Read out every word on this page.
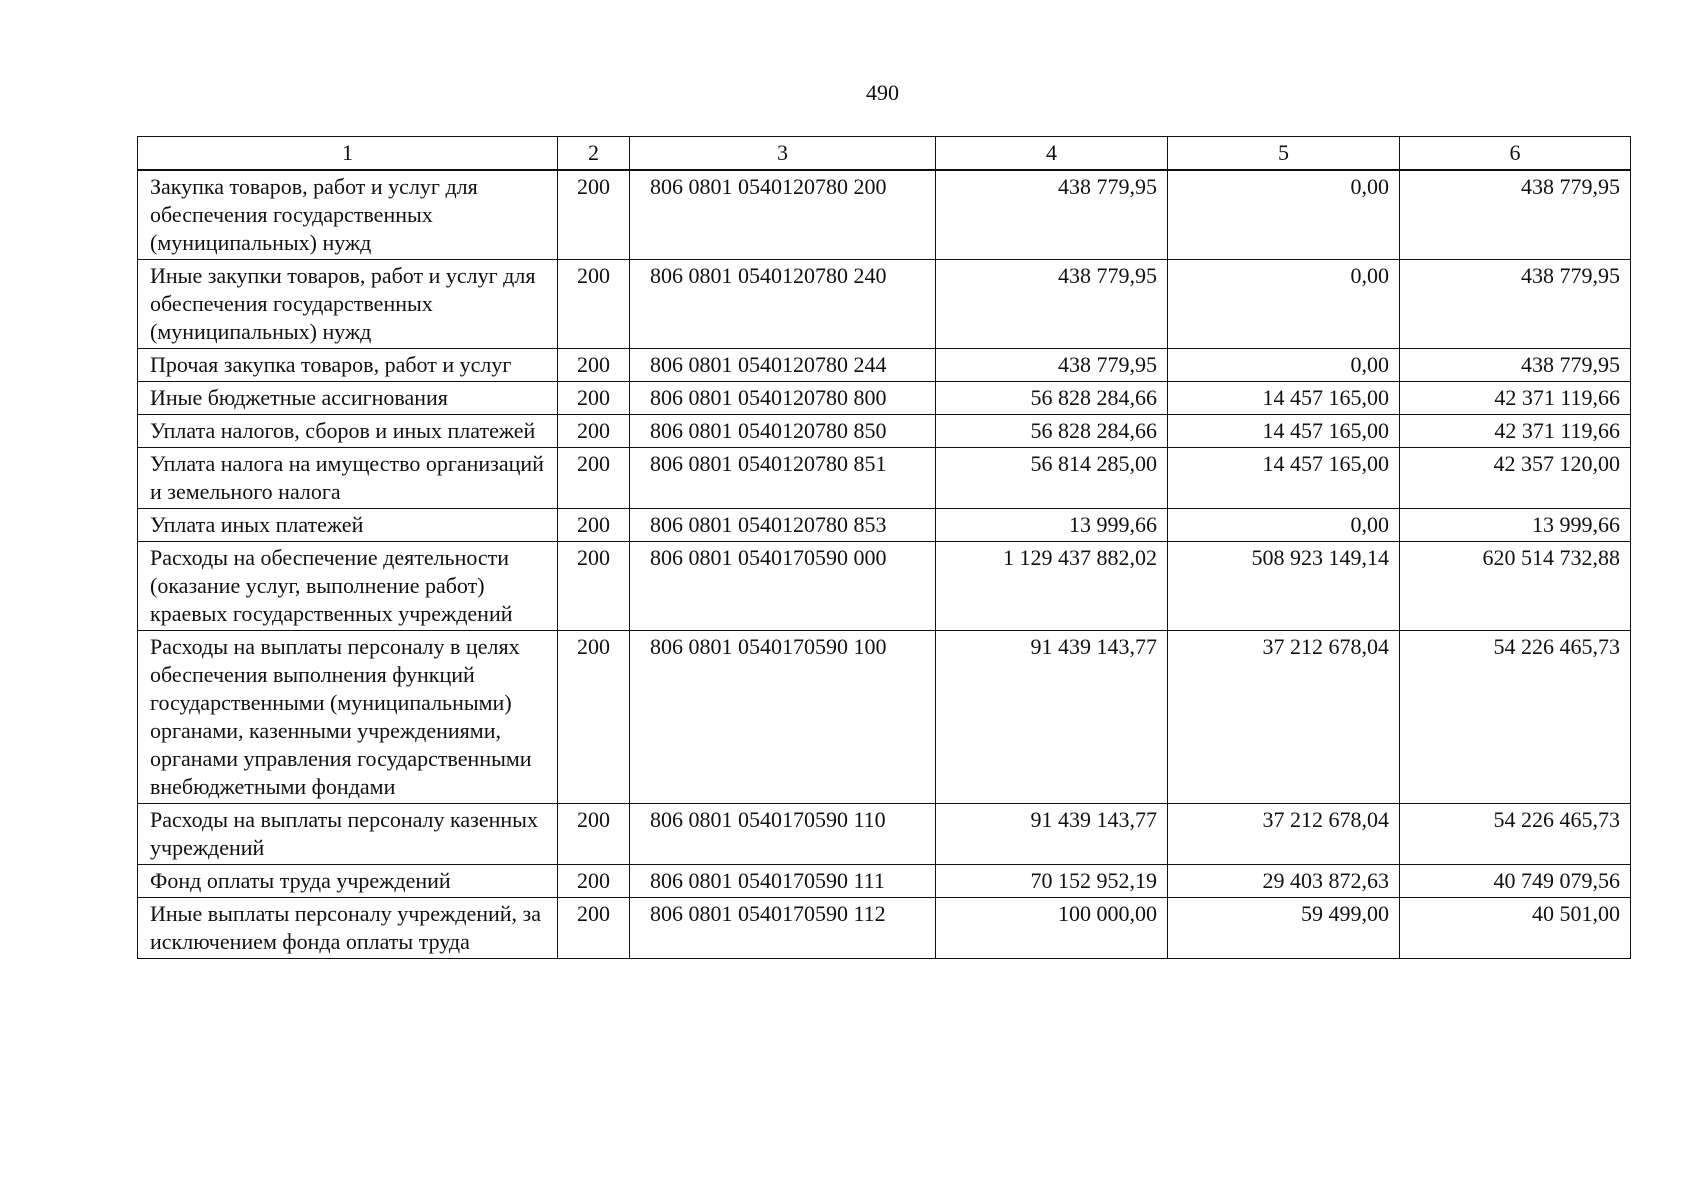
490
1	2	3	4	5	6
Закупка товаров, работ и услуг для обеспечения государственных (муниципальных) нужд	200	806 0801 0540120780 200	438 779,95	0,00	438 779,95
Иные закупки товаров, работ и услуг для обеспечения государственных (муниципальных) нужд	200	806 0801 0540120780 240	438 779,95	0,00	438 779,95
Прочая закупка товаров, работ и услуг	200	806 0801 0540120780 244	438 779,95	0,00	438 779,95
Иные бюджетные ассигнования	200	806 0801 0540120780 800	56 828 284,66	14 457 165,00	42 371 119,66
Уплата налогов, сборов и иных платежей	200	806 0801 0540120780 850	56 828 284,66	14 457 165,00	42 371 119,66
Уплата налога на имущество организаций и земельного налога	200	806 0801 0540120780 851	56 814 285,00	14 457 165,00	42 357 120,00
Уплата иных платежей	200	806 0801 0540120780 853	13 999,66	0,00	13 999,66
Расходы на обеспечение деятельности (оказание услуг, выполнение работ) краевых государственных учреждений	200	806 0801 0540170590 000	1 129 437 882,02	508 923 149,14	620 514 732,88
Расходы на выплаты персоналу в целях обеспечения выполнения функций государственными (муниципальными) органами, казенными учреждениями, органами управления государственными внебюджетными фондами	200	806 0801 0540170590 100	91 439 143,77	37 212 678,04	54 226 465,73
Расходы на выплаты персоналу казенных учреждений	200	806 0801 0540170590 110	91 439 143,77	37 212 678,04	54 226 465,73
Фонд оплаты труда учреждений	200	806 0801 0540170590 111	70 152 952,19	29 403 872,63	40 749 079,56
Иные выплаты персоналу учреждений, за исключением фонда оплаты труда	200	806 0801 0540170590 112	100 000,00	59 499,00	40 501,00
